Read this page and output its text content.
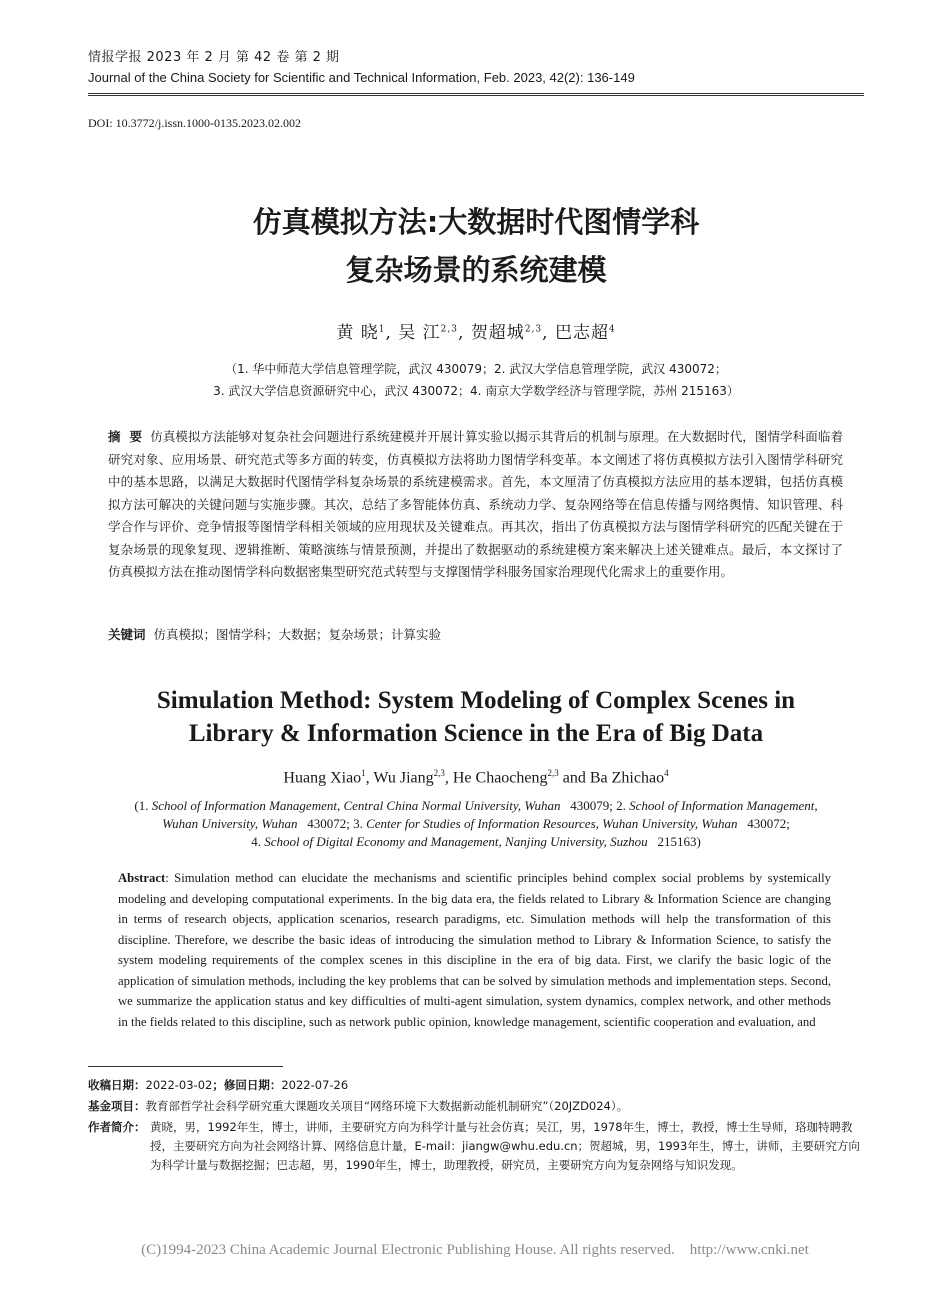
情报学报 2023 年 2 月 第 42 卷 第 2 期
Journal of the China Society for Scientific and Technical Information, Feb. 2023, 42(2): 136-149
DOI: 10.3772/j.issn.1000-0135.2023.02.002
仿真模拟方法:大数据时代图情学科
复杂场景的系统建模
黄 晓$^1$, 吴 江$^{2,3}$, 贺超城$^{2,3}$, 巴志超$^4$
（1. 华中师范大学信息管理学院，武汉 430079；2. 武汉大学信息管理学院，武汉 430072；
3. 武汉大学信息资源研究中心，武汉 430072；4. 南京大学数学经济与管理学院，苏州 215163）
摘  要 仿真模拟方法能够对复杂社会问题进行系统建模并开展计算实验以揭示其背后的机制与原理。在大数据时代，图情学科面临着研究对象、应用场景、研究范式等多方面的转变，仿真模拟方法将助力图情学科变革。本文阐述了将仿真模拟方法引入图情学科研究中的基本思路，以满足大数据时代图情学科复杂场景的系统建模需求。首先，本文厘清了仿真模拟方法应用的基本逻辑，包括仿真模拟方法可解决的关键问题与实施步骤。其次，总结了多智能体仿真、系统动力学、复杂网络等在信息传播与网络舆情、知识管理、科学合作与评价、竞争情报等图情学科相关领域的应用现状及关键难点。再其次，指出了仿真模拟方法与图情学科研究的匹配关键在于复杂场景的现象复现、逻辑推断、策略演练与情景预测，并提出了数据驱动的系统建模方案来解决上述关键难点。最后，本文探讨了仿真模拟方法在推动图情学科向数据密集型研究范式转型与支撑图情学科服务国家治理现代化需求上的重要作用。
关键词 仿真模拟；图情学科；大数据；复杂场景；计算实验
Simulation Method: System Modeling of Complex Scenes in
Library & Information Science in the Era of Big Data
Huang Xiao$^1$, Wu Jiang$^{2,3}$, He Chaocheng$^{2,3}$ and Ba Zhichao$^4$
(1. School of Information Management, Central China Normal University, Wuhan   430079; 2. School of Information Management,
Wuhan University, Wuhan   430072; 3. Center for Studies of Information Resources, Wuhan University, Wuhan   430072;
4. School of Digital Economy and Management, Nanjing University, Suzhou   215163)
Abstract: Simulation method can elucidate the mechanisms and scientific principles behind complex social problems by systemically modeling and developing computational experiments. In the big data era, the fields related to Library & Information Science are changing in terms of research objects, application scenarios, research paradigms, etc. Simulation methods will help the transformation of this discipline. Therefore, we describe the basic ideas of introducing the simulation method to Library & Information Science, to satisfy the system modeling requirements of the complex scenes in this discipline in the era of big data. First, we clarify the basic logic of the application of simulation methods, including the key problems that can be solved by simulation methods and implementation steps. Second, we summarize the application status and key difficulties of multi-agent simulation, system dynamics, complex network, and other methods in the fields related to this discipline, such as network public opinion, knowledge management, scientific cooperation and evaluation, and
收稿日期：2022-03-02；修回日期：2022-07-26
基金项目：教育部哲学社会科学研究重大课题攻关项目“网络环境下大数据新动能机制研究”（20JZD024）。
作者简介： 黄晓，男，1992年生，博士，讲师，主要研究方向为科学计量与社会仿真；吴江，男，1978年生，博士，教授，博士生导师，珞珈特聘教授，主要研究方向为社会网络计算、网络信息计量，E-mail：jiangw@whu.edu.cn；贺超城，男，1993年生，博士，讲师，主要研究方向为科学计量与数据挖掘；巴志超，男，1990年生，博士，助理教授，研究员，主要研究方向为复杂网络与知识发现。
(C)1994-2023 China Academic Journal Electronic Publishing House. All rights reserved.    http://www.cnki.net
